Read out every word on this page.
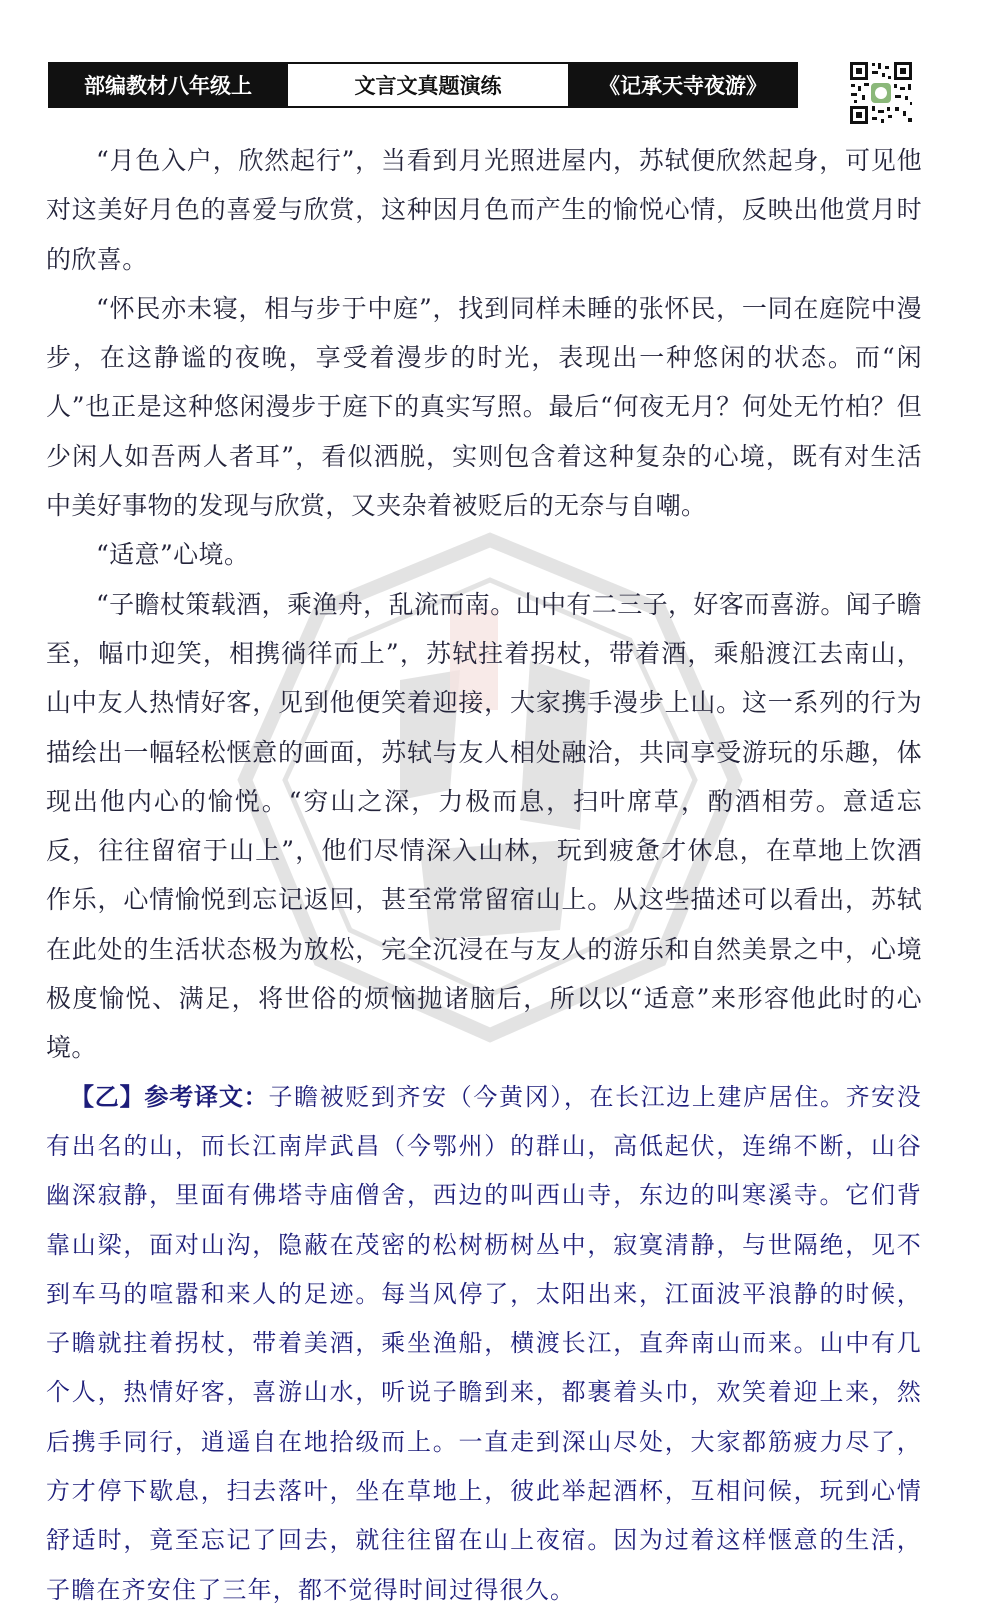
部编教材八年级上	文言文真题演练	《记承天寺夜游》

“月色入户，欣然起行”，当看到月光照进屋内，苏轼便欣然起身，可见他对这美好月色的喜爱与欣赏，这种因月色而产生的愉悦心情，反映出他赏月时的欣喜。

“怀民亦未寝，相与步于中庭”，找到同样未睡的张怀民，一同在庭院中漫步，在这静谧的夜晚，享受着漫步的时光，表现出一种悠闲的状态。而“闲人”也正是这种悠闲漫步于庭下的真实写照。最后“何夜无月？何处无竹柏？但少闲人如吾两人者耳”，看似洒脱，实则包含着这种复杂的心境，既有对生活中美好事物的发现与欣赏，又夹杂着被贬后的无奈与自嘲。

“适意”心境。

“子瞻杖策载酒，乘渔舟，乱流而南。山中有二三子，好客而喜游。闻子瞻至，幅巾迎笑，相携徜徉而上”，苏轼拄着拐杖，带着酒，乘船渡江去南山，山中友人热情好客，见到他便笑着迎接，大家携手漫步上山。这一系列的行为描绘出一幅轻松惬意的画面，苏轼与友人相处融洽，共同享受游玩的乐趣，体现出他内心的愉悦。“穷山之深，力极而息，扫叶席草，酌酒相劳。意适忘反，往往留宿于山上”，他们尽情深入山林，玩到疲惫才休息，在草地上饮酒作乐，心情愉悦到忘记返回，甚至常常留宿山上。从这些描述可以看出，苏轼在此处的生活状态极为放松，完全沉浸在与友人的游乐和自然美景之中，心境极度愉悦、满足，将世俗的烦恼抛诸脑后，所以以“适意”来形容他此时的心境。

【乙】参考译文：子瞻被贬到齐安（今黄冈），在长江边上建庐居住。齐安没有出名的山，而长江南岸武昌（今鄂州）的群山，高低起伏，连绵不断，山谷幽深寂静，里面有佛塔寺庙僧舍，西边的叫西山寺，东边的叫寒溪寺。它们背靠山梁，面对山沟，隐蔽在茂密的松树枥树丛中，寂寞清静，与世隔绝，见不到车马的喧嚣和来人的足迹。每当风停了，太阳出来，江面波平浪静的时候，子瞻就拄着拐杖，带着美酒，乘坐渔船，横渡长江，直奔南山而来。山中有几个人，热情好客，喜游山水，听说子瞻到来，都裹着头巾，欢笑着迎上来，然后携手同行，逍遥自在地拾级而上。一直走到深山尽处，大家都筋疲力尽了，方才停下歇息，扫去落叶，坐在草地上，彼此举起酒杯，互相问候，玩到心情舒适时，竟至忘记了回去，就往往留在山上夜宿。因为过着这样惬意的生活，子瞻在齐安住了三年，都不觉得时间过得很久。
